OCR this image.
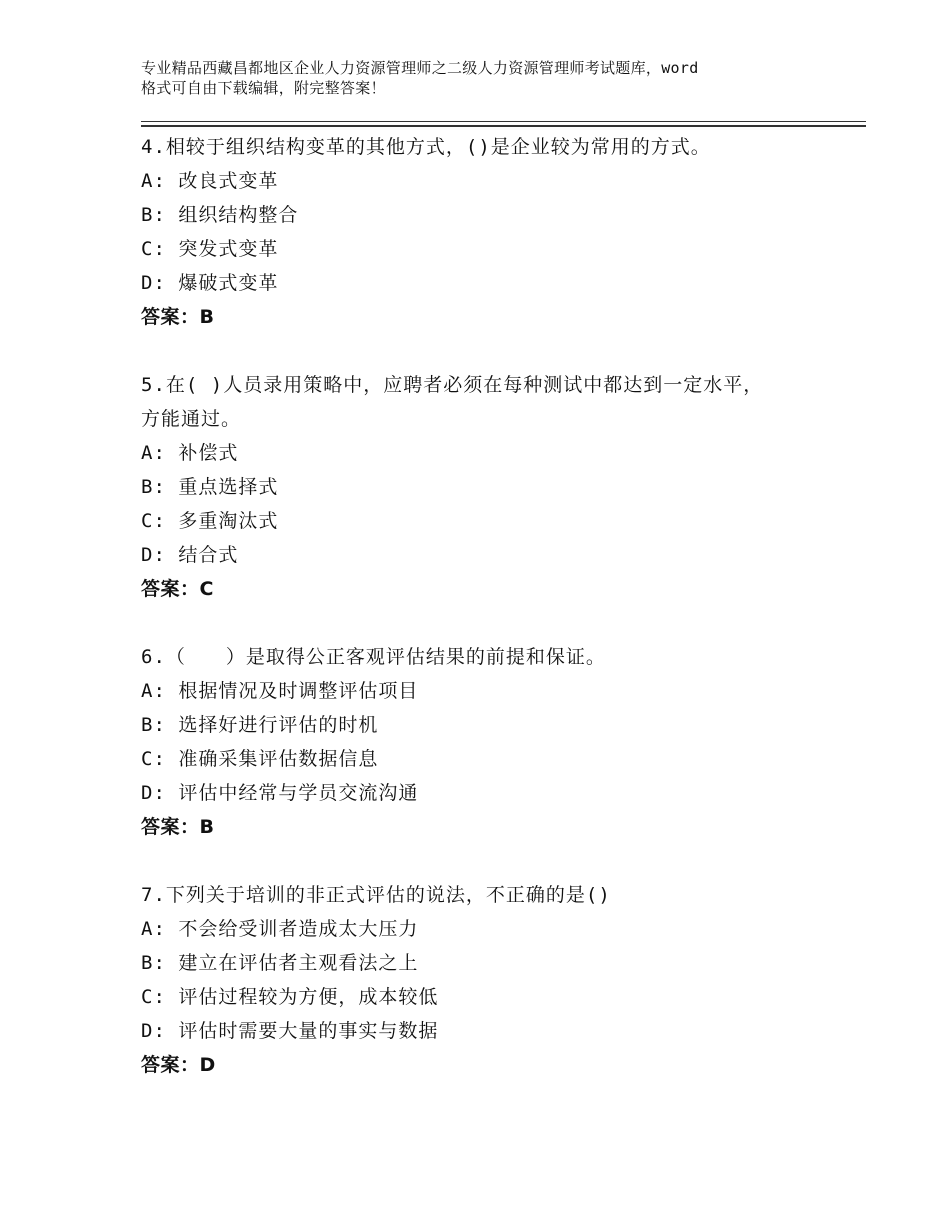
专业精品西藏昌都地区企业人力资源管理师之二级人力资源管理师考试题库，word
格式可自由下载编辑，附完整答案！
4.相较于组织结构变革的其他方式，()是企业较为常用的方式。
A: 改良式变革
B: 组织结构整合
C: 突发式变革
D: 爆破式变革
答案：B
5.在( )人员录用策略中，应聘者必须在每种测试中都达到一定水平，
方能通过。
A: 补偿式
B: 重点选择式
C: 多重淘汰式
D: 结合式
答案：C
6.（　　）是取得公正客观评估结果的前提和保证。
A: 根据情况及时调整评估项目
B: 选择好进行评估的时机
C: 准确采集评估数据信息
D: 评估中经常与学员交流沟通
答案：B
7.下列关于培训的非正式评估的说法，不正确的是()
A: 不会给受训者造成太大压力
B: 建立在评估者主观看法之上
C: 评估过程较为方便，成本较低
D: 评估时需要大量的事实与数据
答案：D
